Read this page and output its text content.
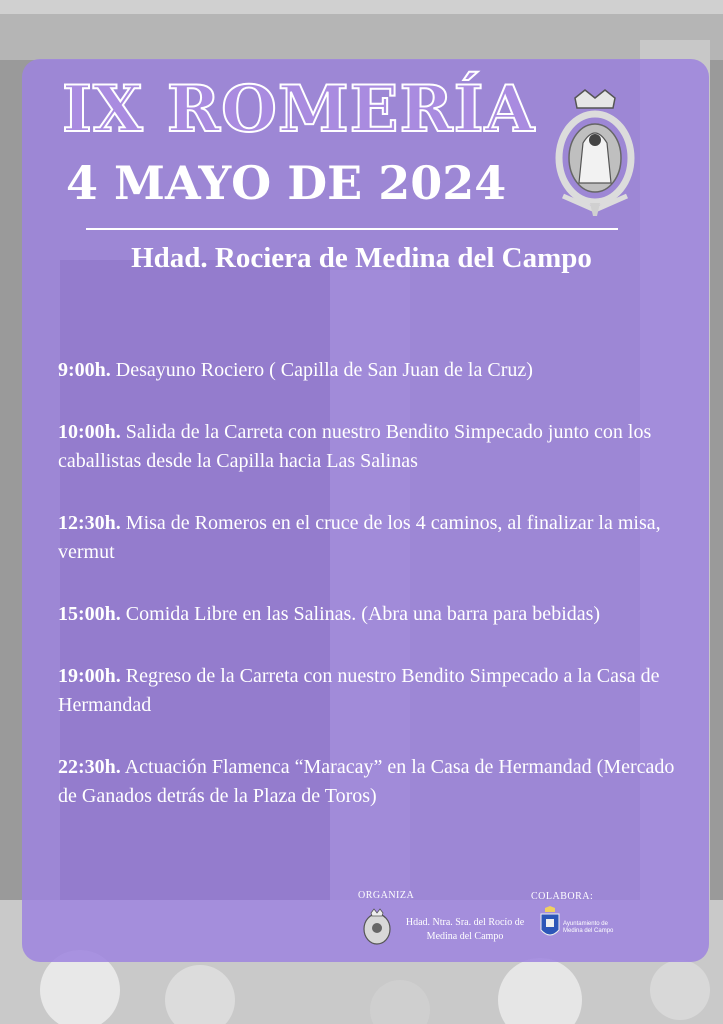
IX ROMERÍA
4 MAYO DE 2024
Hdad. Rociera de Medina del Campo
9:00h. Desayuno Rociero ( Capilla de San Juan de la Cruz)
10:00h. Salida de la Carreta con nuestro Bendito Simpecado junto con los caballistas desde la Capilla hacia Las Salinas
12:30h. Misa de Romeros en el cruce de los 4 caminos, al finalizar la misa, vermut
15:00h. Comida Libre en las Salinas. (Abra una barra para bebidas)
19:00h. Regreso de la Carreta con nuestro Bendito Simpecado a la Casa de Hermandad
22:30h. Actuación Flamenca “Maracay” en la Casa de Hermandad (Mercado de Ganados detrás de la Plaza de Toros)
ORGANIZA
Hdad. Ntra. Sra. del Rocío de
Medina del Campo
COLABORA:
Ayuntamiento de
Medina del Campo
